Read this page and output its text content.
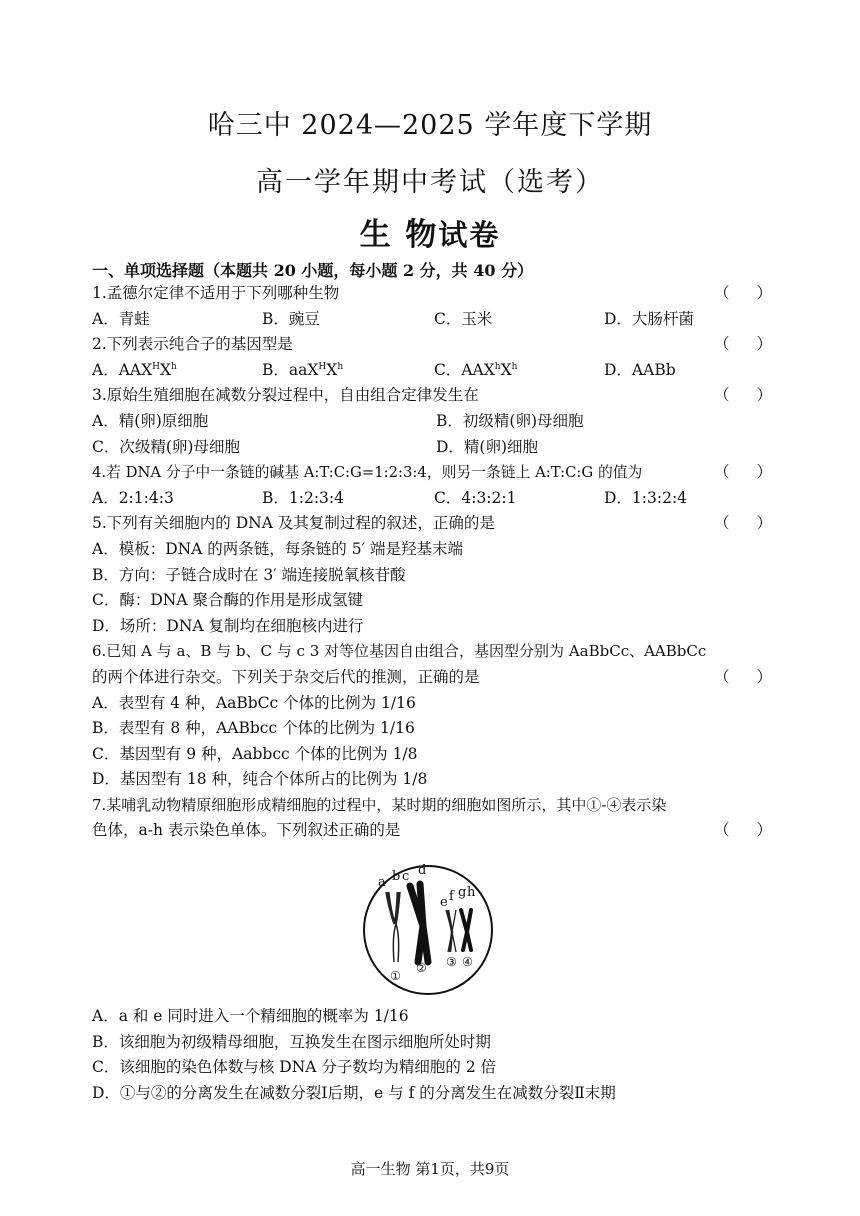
哈三中 2024—2025 学年度下学期
高一学年期中考试（选考）
生 物试卷
一、单项选择题（本题共 20 小题，每小题 2 分，共 40 分）
1.孟德尔定律不适用于下列哪种生物	（ ）
A．青蛙	B．豌豆	C．玉米	D．大肠杆菌
2.下列表示纯合子的基因型是	（ ）
A．$AAX^HX^h$	B．$aaX^HX^h$	C．$AAX^hX^h$	D．AABb
3.原始生殖细胞在减数分裂过程中，自由组合定律发生在	（ ）
A．精(卵)原细胞	B．初级精(卵)母细胞
C．次级精(卵)母细胞	D．精(卵)细胞
4.若 DNA 分子中一条链的碱基 A:T:C:G=1:2:3:4，则另一条链上 A:T:C:G 的值为	（ ）
A．2:1:4:3	B．1:2:3:4	C．4:3:2:1	D．1:3:2:4
5.下列有关细胞内的 DNA 及其复制过程的叙述，正确的是	（ ）
A．模板：DNA 的两条链，每条链的 5′ 端是羟基末端
B．方向：子链合成时在 3′ 端连接脱氧核苷酸
C．酶：DNA 聚合酶的作用是形成氢键
D．场所：DNA 复制均在细胞核内进行
6.已知 A 与 a、B 与 b、C 与 c 3 对等位基因自由组合，基因型分别为 AaBbCc、AABbCc
的两个体进行杂交。下列关于杂交后代的推测，正确的是	（ ）
A．表型有 4 种，AaBbCc 个体的比例为 1/16
B．表型有 8 种，AABbcc 个体的比例为 1/16
C．基因型有 9 种，Aabbcc 个体的比例为 1/8
D．基因型有 18 种，纯合个体所占的比例为 1/8
7.某哺乳动物精原细胞形成精细胞的过程中，某时期的细胞如图所示，其中①-④表示染
色体，a-h 表示染色单体。下列叙述正确的是	（ ）
a b c d
e f g h
①
② ③ ④
A．a 和 e 同时进入一个精细胞的概率为 1/16
B．该细胞为初级精母细胞，互换发生在图示细胞所处时期
C．该细胞的染色体数与核 DNA 分子数均为精细胞的 2 倍
D．①与②的分离发生在减数分裂Ⅰ后期，e 与 f 的分离发生在减数分裂Ⅱ末期
高一生物 第1页，共9页
